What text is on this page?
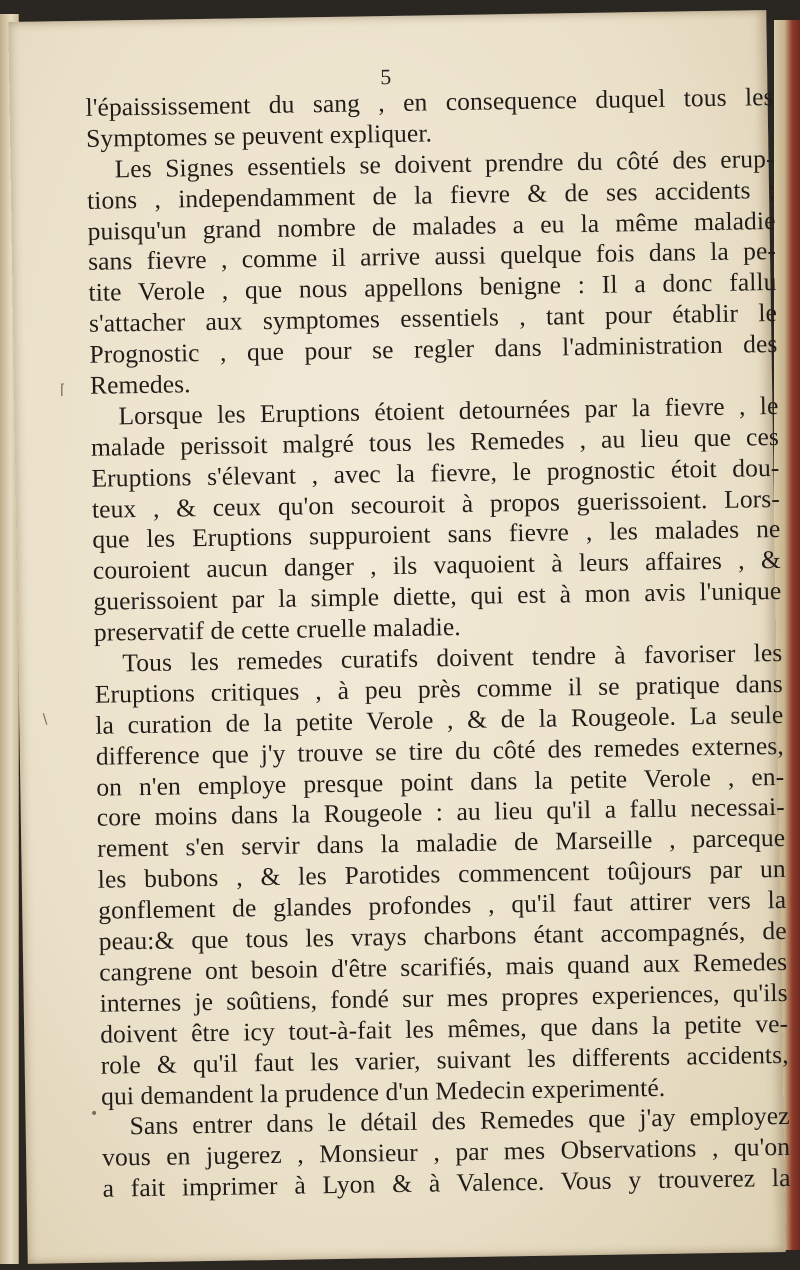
5
l'épaississement du sang , en consequence duquel tous les
Symptomes se peuvent expliquer.
Les Signes essentiels se doivent prendre du côté des erup-
tions , independamment de la fievre & de ses accidents ;
puisqu'un grand nombre de malades a eu la même maladie
sans fievre , comme il arrive aussi quelque fois dans la pe-
tite Verole , que nous appellons benigne : Il a donc fallu
s'attacher aux symptomes essentiels , tant pour établir le
Prognostic , que pour se regler dans l'administration des
Remedes.
Lorsque les Eruptions étoient detournées par la fievre , le
malade perissoit malgré tous les Remedes , au lieu que ces
Eruptions s'élevant , avec la fievre, le prognostic étoit dou-
teux , & ceux qu'on secouroit à propos guerissoient. Lors-
que les Eruptions suppuroient sans fievre , les malades ne
couroient aucun danger , ils vaquoient à leurs affaires , &
guerissoient par la simple diette, qui est à mon avis l'unique
preservatif de cette cruelle maladie.
Tous les remedes curatifs doivent tendre à favoriser les
Eruptions critiques , à peu près comme il se pratique dans
la curation de la petite Verole , & de la Rougeole. La seule
difference que j'y trouve se tire du côté des remedes externes,
on n'en employe presque point dans la petite Verole , en-
core moins dans la Rougeole : au lieu qu'il a fallu necessai-
rement s'en servir dans la maladie de Marseille , parceque
les bubons , & les Parotides commencent toûjours par un
gonflement de glandes profondes , qu'il faut attirer vers la
peau:& que tous les vrays charbons étant accompagnés, de
cangrene ont besoin d'être scarifiés, mais quand aux Remedes
internes je soûtiens, fondé sur mes propres experiences, qu'ils
doivent être icy tout-à-fait les mêmes, que dans la petite ve-
role & qu'il faut les varier, suivant les differents accidents,
qui demandent la prudence d'un Medecin experimenté.
Sans entrer dans le détail des Remedes que j'ay employez
vous en jugerez , Monsieur , par mes Observations , qu'on
a fait imprimer à Lyon & à Valence. Vous y trouverez la
⌈
∖
•
